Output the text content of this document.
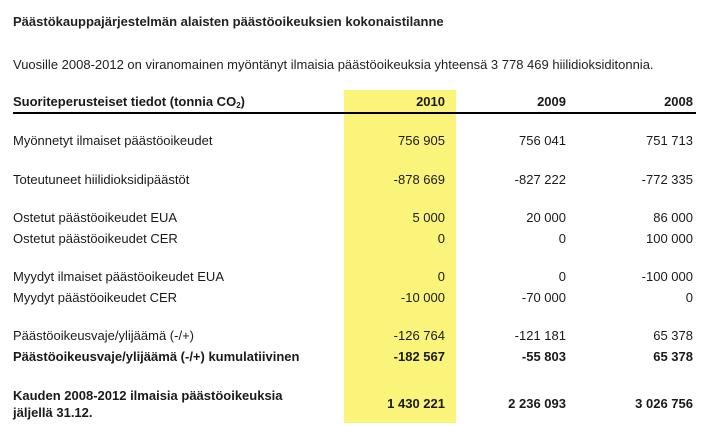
Päästökauppajärjestelmän alaisten päästöoikeuksien kokonaistilanne
Vuosille 2008-2012 on viranomainen myöntänyt ilmaisia päästöoikeuksia yhteensä 3 778 469 hiilidioksiditonnia.
Suoriteperusteiset tiedot (tonnia $CO_2$)	2010	2009	2008
Myönnetyt ilmaiset päästöoikeudet	756 905	756 041	751 713
Toteutuneet hiilidioksidipäästöt	-878 669	-827 222	-772 335
Ostetut päästöoikeudet EUA	5 000	20 000	86 000
Ostetut päästöoikeudet CER	0	0	100 000
Myydyt ilmaiset päästöoikeudet EUA	0	0	-100 000
Myydyt päästöoikeudet CER	-10 000	-70 000	0
Päästöoikeusvaje/ylijäämä (-/+)	-126 764	-121 181	65 378
Päästöoikeusvaje/ylijäämä (-/+) kumulatiivinen	-182 567	-55 803	65 378
Kauden 2008-2012 ilmaisia päästöoikeuksia
jäljellä 31.12.
1 430 221	2 236 093	3 026 756
